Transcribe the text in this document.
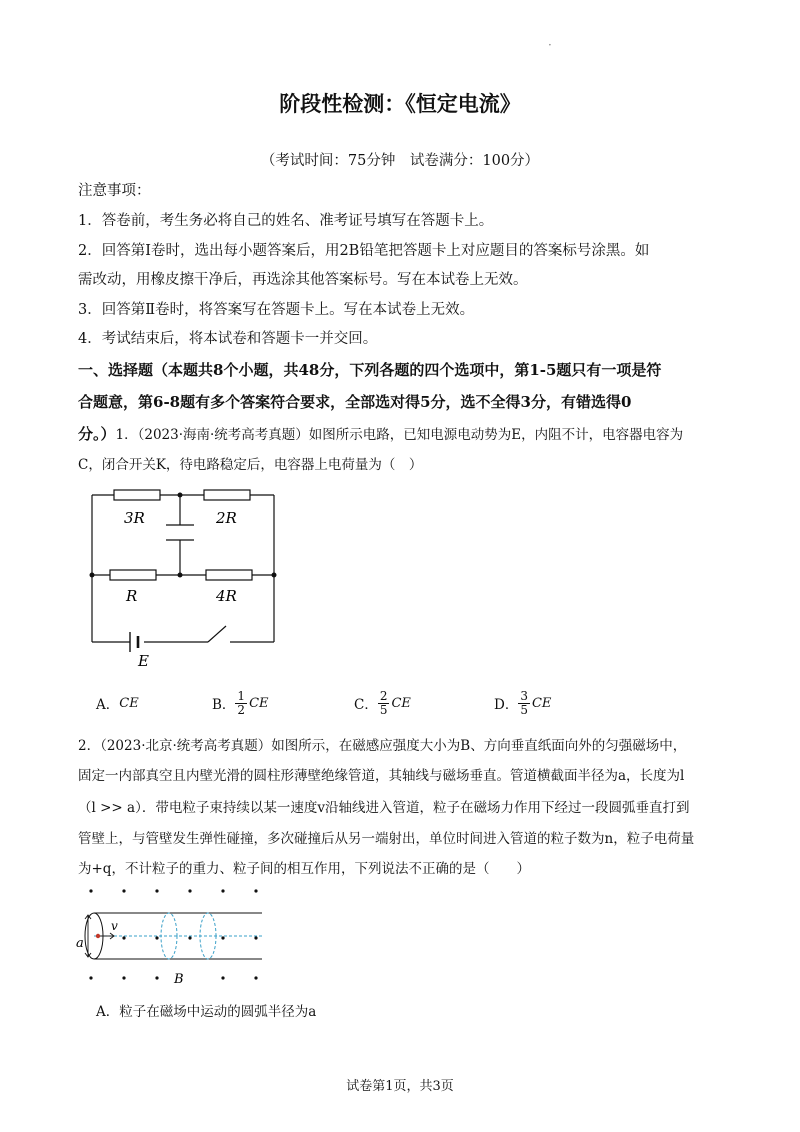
·
阶段性检测：《恒定电流》
（考试时间：75分钟　试卷满分：100分）
注意事项：
1．答卷前，考生务必将自己的姓名、准考证号填写在答题卡上。
2．回答第Ⅰ卷时，选出每小题答案后，用2B铅笔把答题卡上对应题目的答案标号涂黑。如
需改动，用橡皮擦干净后，再选涂其他答案标号。写在本试卷上无效。
3．回答第Ⅱ卷时，将答案写在答题卡上。写在本试卷上无效。
4．考试结束后，将本试卷和答题卡一并交回。
一、选择题（本题共8个小题，共48分，下列各题的四个选项中，第1-5题只有一项是符
合题意，第6-8题有多个答案符合要求，全部选对得5分，选不全得3分，有错选得0
分。）1．（2023·海南·统考高考真题）如图所示电路，已知电源电动势为E，内阻不计，电容器电容为
C，闭合开关K，待电路稳定后，电容器上电荷量为（　）
3R	2R
R	4R
E
A． CE	B． $\frac{1}{2}$ CE	C． $\frac{2}{5}$ CE	D． $\frac{3}{5}$ CE
2．（2023·北京·统考高考真题）如图所示，在磁感应强度大小为B、方向垂直纸面向外的匀强磁场中，
固定一内部真空且内壁光滑的圆柱形薄壁绝缘管道，其轴线与磁场垂直。管道横截面半径为a，长度为l
（l >> a）．带电粒子束持续以某一速度v沿轴线进入管道，粒子在磁场力作用下经过一段圆弧垂直打到
管壁上，与管壁发生弹性碰撞，多次碰撞后从另一端射出，单位时间进入管道的粒子数为n，粒子电荷量
为+q，不计粒子的重力、粒子间的相互作用，下列说法不正确的是（　　）
v
a
B
A．粒子在磁场中运动的圆弧半径为a
试卷第1页，共3页
